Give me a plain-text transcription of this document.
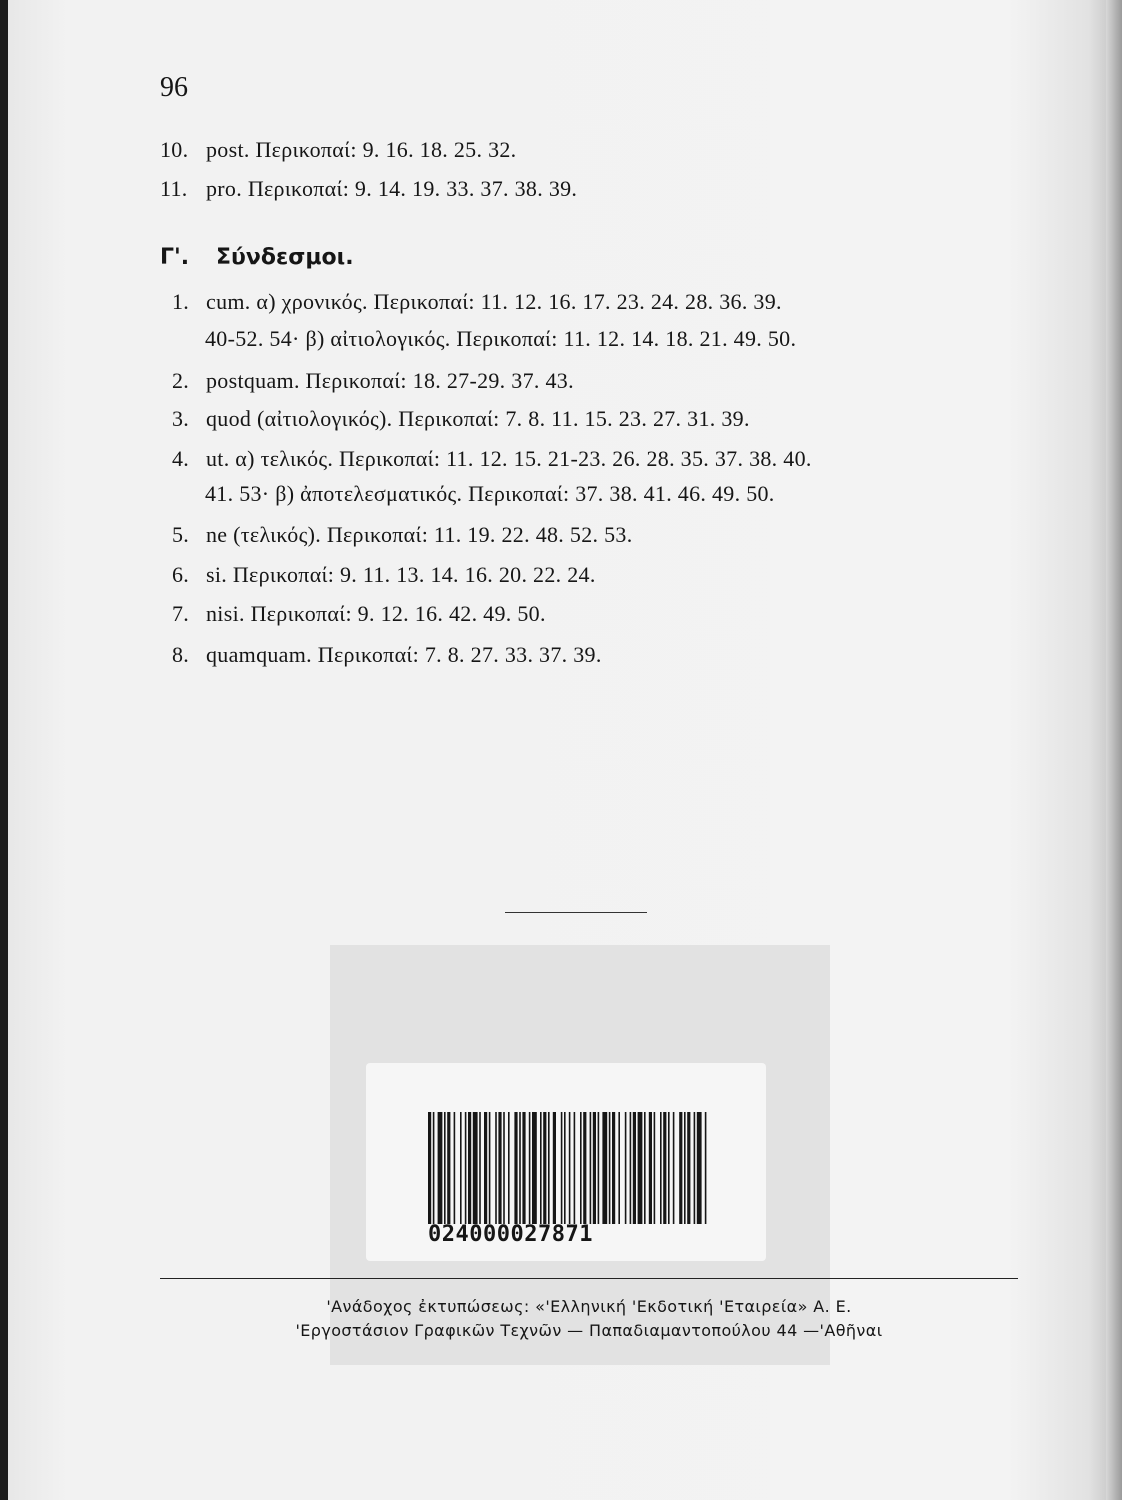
96
10. post. Περικοπαί: 9. 16. 18. 25. 32.
11. pro. Περικοπαί: 9. 14. 19. 33. 37. 38. 39.
Γ'. Σύνδεσμοι.
1. cum. α) χρονικός. Περικοπαί: 11. 12. 16. 17. 23. 24. 28. 36. 39.
40-52. 54· β) αἰτιολογικός. Περικοπαί: 11. 12. 14. 18. 21. 49. 50.
2. postquam. Περικοπαί: 18. 27-29. 37. 43.
3. quod (αἰτιολογικός). Περικοπαί: 7. 8. 11. 15. 23. 27. 31. 39.
4. ut. α) τελικός. Περικοπαί: 11. 12. 15. 21-23. 26. 28. 35. 37. 38. 40.
41. 53· β) ἀποτελεσματικός. Περικοπαί: 37. 38. 41. 46. 49. 50.
5. ne (τελικός). Περικοπαί: 11. 19. 22. 48. 52. 53.
6. si. Περικοπαί: 9. 11. 13. 14. 16. 20. 22. 24.
7. nisi. Περικοπαί: 9. 12. 16. 42. 49. 50.
8. quamquam. Περικοπαί: 7. 8. 27. 33. 37. 39.
024000027871
'Ανάδοχος ἐκτυπώσεως: «'Ελληνική 'Εκδοτική 'Εταιρεία» Α. Ε.
'Εργοστάσιον Γραφικῶν Τεχνῶν — Παπαδιαμαντοπούλου 44 —'Αθῆναι
